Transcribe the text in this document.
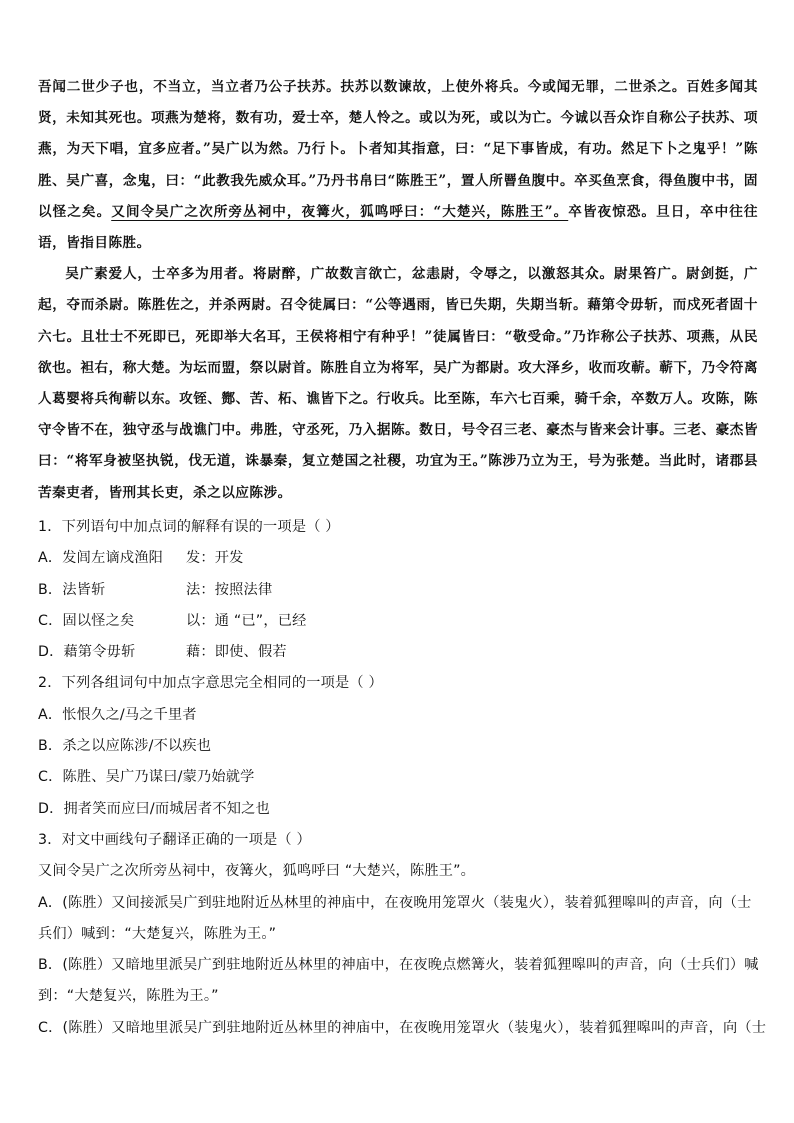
吾闻二世少子也，不当立，当立者乃公子扶苏。扶苏以数谏故，上使外将兵。今或闻无罪，二世杀之。百姓多闻其贤，未知其死也。项燕为楚将，数有功，爱士卒，楚人怜之。或以为死，或以为亡。今诚以吾众诈自称公子扶苏、项燕，为天下唱，宜多应者。”吴广以为然。乃行卜。卜者知其指意，曰：“足下事皆成，有功。然足下卜之鬼乎！”陈胜、吴广喜，念鬼，曰：“此教我先威众耳。”乃丹书帛曰“陈胜王”，置人所罾鱼腹中。卒买鱼烹食，得鱼腹中书，固以怪之矣。又间令吴广之次所旁丛祠中，夜篝火，狐鸣呼曰：“大楚兴，陈胜王”。卒皆夜惊恐。旦日，卒中往往语，皆指目陈胜。

吴广素爱人，士卒多为用者。将尉醉，广故数言欲亡，忿恚尉，令辱之，以激怒其众。尉果笞广。尉剑挺，广起，夺而杀尉。陈胜佐之，并杀两尉。召令徒属曰：“公等遇雨，皆已失期，失期当斩。藉第令毋斩，而戍死者固十六七。且壮士不死即已，死即举大名耳，王侯将相宁有种乎！”徒属皆曰：“敬受命。”乃诈称公子扶苏、项燕，从民欲也。袒右，称大楚。为坛而盟，祭以尉首。陈胜自立为将军，吴广为都尉。攻大泽乡，收而攻蕲。蕲下，乃令符离人葛婴将兵徇蕲以东。攻铚、酂、苦、柘、谯皆下之。行收兵。比至陈，车六七百乘，骑千余，卒数万人。攻陈，陈守令皆不在，独守丞与战谯门中。弗胜，守丞死，乃入据陈。数日，号令召三老、豪杰与皆来会计事。三老、豪杰皆曰：“将军身被坚执锐，伐无道，诛暴秦，复立楚国之社稷，功宜为王。”陈涉乃立为王，号为张楚。当此时，诸郡县苦秦吏者，皆刑其长吏，杀之以应陈涉。

1．下列语句中加点词的解释有误的一项是（ ）
A．发闾左谪戍渔阳 发：开发
B．法皆斩	法：按照法律
C．固以怪之矣	以：通 “已”，已经
D．藉第令毋斩	藉：即使、假若
2．下列各组词句中加点字意思完全相同的一项是（ ）
A．怅恨久之/马之千里者
B．杀之以应陈涉/不以疾也
C．陈胜、吴广乃谋曰/蒙乃始就学
D．拥者笑而应曰/而城居者不知之也
3．对文中画线句子翻译正确的一项是（ ）
又间令吴广之次所旁丛祠中，夜篝火，狐鸣呼曰 “大楚兴，陈胜王”。
A．(陈胜）又间接派吴广到驻地附近丛林里的神庙中，在夜晚用笼罩火（装鬼火），装着狐狸嗥叫的声音，向（士兵们）喊到：“大楚复兴，陈胜为王。”
B．(陈胜）又暗地里派吴广到驻地附近丛林里的神庙中，在夜晚点燃篝火，装着狐狸嗥叫的声音，向（士兵们）喊到：“大楚复兴，陈胜为王。”
C．(陈胜）又暗地里派吴广到驻地附近丛林里的神庙中，在夜晚用笼罩火（装鬼火），装着狐狸嗥叫的声音，向（士
